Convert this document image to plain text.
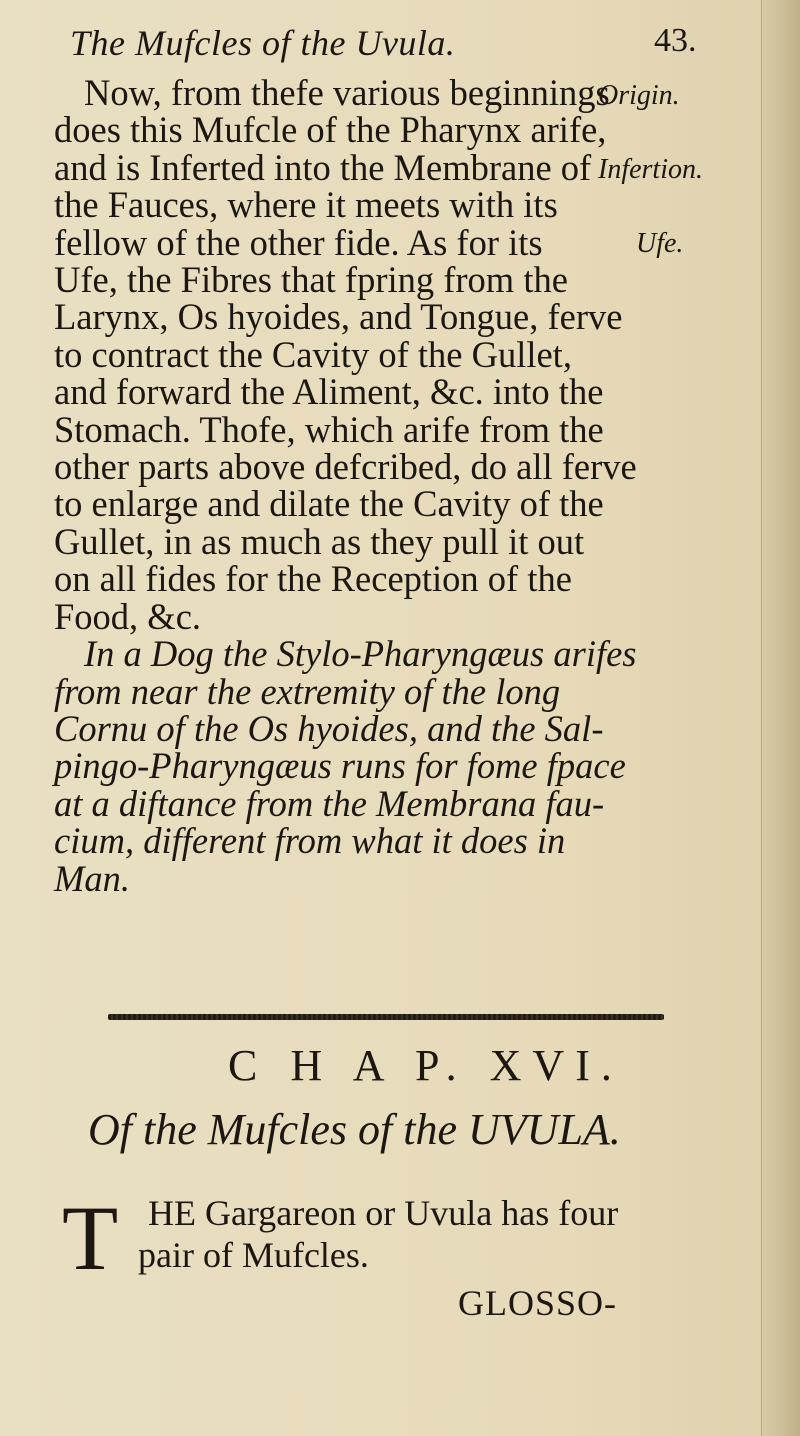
The Mufcles of the Uvula.	43.
Origin.
Infertion.
Ufe.
Now, from thefe various beginnings
does this Mufcle of the Pharynx arife,
and is Inferted into the Membrane of
the Fauces, where it meets with its
fellow of the other fide. As for its
Ufe, the Fibres that fpring from the
Larynx, Os hyoides, and Tongue, ferve
to contract the Cavity of the Gullet,
and forward the Aliment, &c. into the
Stomach. Thofe, which arife from the
other parts above defcribed, do all ferve
to enlarge and dilate the Cavity of the
Gullet, in as much as they pull it out
on all fides for the Reception of the
Food, &c.
In a Dog the Stylo-Pharyngæus arifes
from near the extremity of the long
Cornu of the Os hyoides, and the Sal-
pingo-Pharyngæus runs for fome fpace
at a diftance from the Membrana fau-
cium, different from what it does in
Man.
C H A P. XVI.
Of the Mufcles of the UVULA.
T HE Gargareon or Uvula has four
pair of Mufcles.
GLOSSO-
